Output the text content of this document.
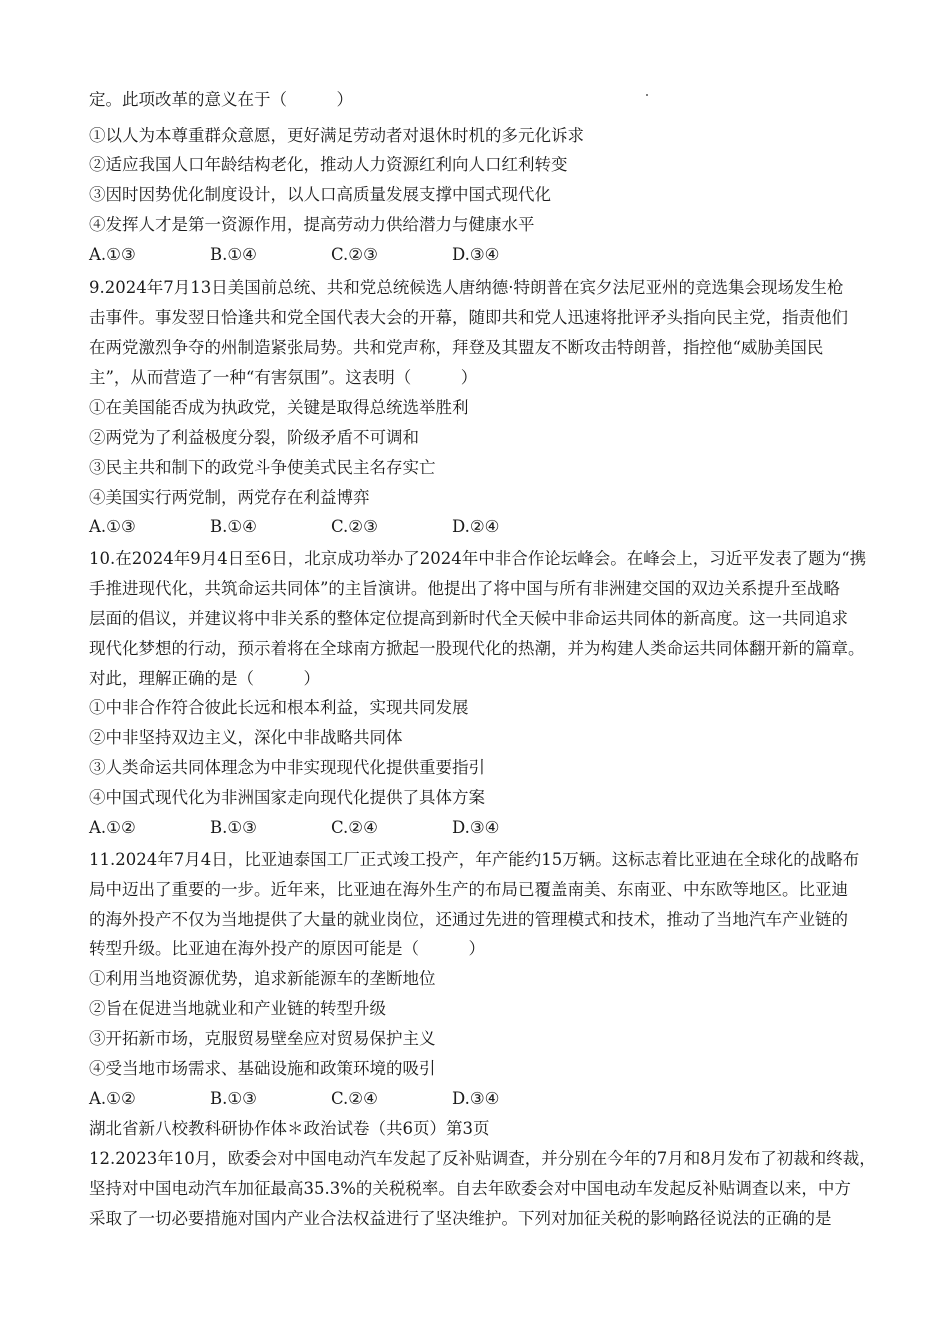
定。此项改革的意义在于（　　　）
①以人为本尊重群众意愿，更好满足劳动者对退休时机的多元化诉求
②适应我国人口年龄结构老化，推动人力资源红利向人口红利转变
③因时因势优化制度设计，以人口高质量发展支撑中国式现代化
④发挥人才是第一资源作用，提高劳动力供给潜力与健康水平
A.①③	B.①④	C.②③	D.③④
9.2024年7月13日美国前总统、共和党总统候选人唐纳德·特朗普在宾夕法尼亚州的竞选集会现场发生枪
击事件。事发翌日恰逢共和党全国代表大会的开幕，随即共和党人迅速将批评矛头指向民主党，指责他们
在两党激烈争夺的州制造紧张局势。共和党声称，拜登及其盟友不断攻击特朗普，指控他“威胁美国民
主”，从而营造了一种“有害氛围”。这表明（　　　）
①在美国能否成为执政党，关键是取得总统选举胜利
②两党为了利益极度分裂，阶级矛盾不可调和
③民主共和制下的政党斗争使美式民主名存实亡
④美国实行两党制，两党存在利益博弈
A.①③	B.①④	C.②③	D.②④
10.在2024年9月4日至6日，北京成功举办了2024年中非合作论坛峰会。在峰会上，习近平发表了题为“携
手推进现代化，共筑命运共同体”的主旨演讲。他提出了将中国与所有非洲建交国的双边关系提升至战略
层面的倡议，并建议将中非关系的整体定位提高到新时代全天候中非命运共同体的新高度。这一共同追求
现代化梦想的行动，预示着将在全球南方掀起一股现代化的热潮，并为构建人类命运共同体翻开新的篇章。
对此，理解正确的是（　　　）
①中非合作符合彼此长远和根本利益，实现共同发展
②中非坚持双边主义，深化中非战略共同体
③人类命运共同体理念为中非实现现代化提供重要指引
④中国式现代化为非洲国家走向现代化提供了具体方案
A.①②	B.①③	C.②④	D.③④
11.2024年7月4日，比亚迪泰国工厂正式竣工投产，年产能约15万辆。这标志着比亚迪在全球化的战略布
局中迈出了重要的一步。近年来，比亚迪在海外生产的布局已覆盖南美、东南亚、中东欧等地区。比亚迪
的海外投产不仅为当地提供了大量的就业岗位，还通过先进的管理模式和技术，推动了当地汽车产业链的
转型升级。比亚迪在海外投产的原因可能是（　　　）
①利用当地资源优势，追求新能源车的垄断地位
②旨在促进当地就业和产业链的转型升级
③开拓新市场，克服贸易壁垒应对贸易保护主义
④受当地市场需求、基础设施和政策环境的吸引
A.①②	B.①③	C.②④	D.③④
湖北省新八校教科研协作体＊政治试卷（共6页）第3页
12.2023年10月，欧委会对中国电动汽车发起了反补贴调查，并分别在今年的7月和8月发布了初裁和终裁，
坚持对中国电动汽车加征最高35.3%的关税税率。自去年欧委会对中国电动车发起反补贴调查以来，中方
采取了一切必要措施对国内产业合法权益进行了坚决维护。下列对加征关税的影响路径说法的正确的是
